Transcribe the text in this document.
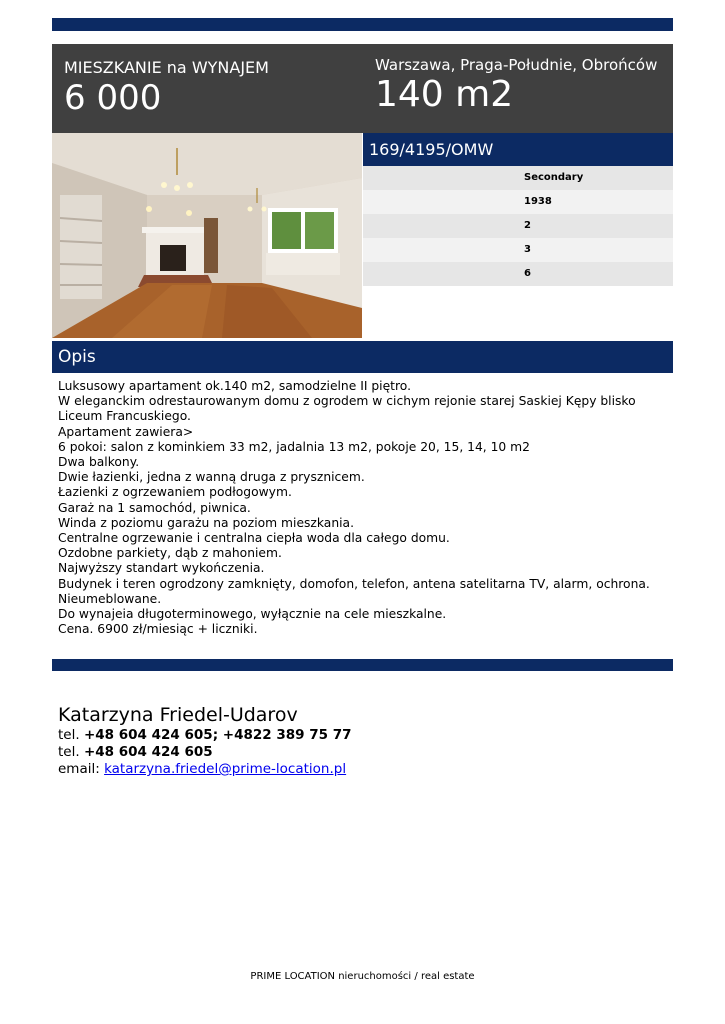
MIESZKANIE na WYNAJEM
6 000
Warszawa, Praga-Południe, Obrońców
140 m2
169/4195/OMW
Secondary
1938
2
3
6
Opis
Luksusowy apartament ok.140 m2, samodzielne II piętro.
W eleganckim odrestaurowanym domu z ogrodem w cichym rejonie starej Saskiej Kępy blisko
Liceum Francuskiego.
Apartament zawiera>
6 pokoi: salon z kominkiem 33 m2, jadalnia 13 m2, pokoje 20, 15, 14, 10 m2
Dwa balkony.
Dwie łazienki, jedna z wanną druga z prysznicem.
Łazienki z ogrzewaniem podłogowym.
Garaż na 1 samochód, piwnica.
Winda z poziomu garażu na poziom mieszkania.
Centralne ogrzewanie i centralna ciepła woda dla całego domu.
Ozdobne parkiety, dąb z mahoniem.
Najwyższy standart wykończenia.
Budynek i teren ogrodzony zamknięty, domofon, telefon, antena satelitarna TV, alarm, ochrona.
Nieumeblowane.
Do wynajeia długoterminowego, wyłącznie na cele mieszkalne.
Cena. 6900 zł/miesiąc + liczniki.
Katarzyna Friedel-Udarov
tel. +48 604 424 605; +4822 389 75 77
tel. +48 604 424 605
email: katarzyna.friedel@prime-location.pl
PRIME LOCATION nieruchomości / real estate
